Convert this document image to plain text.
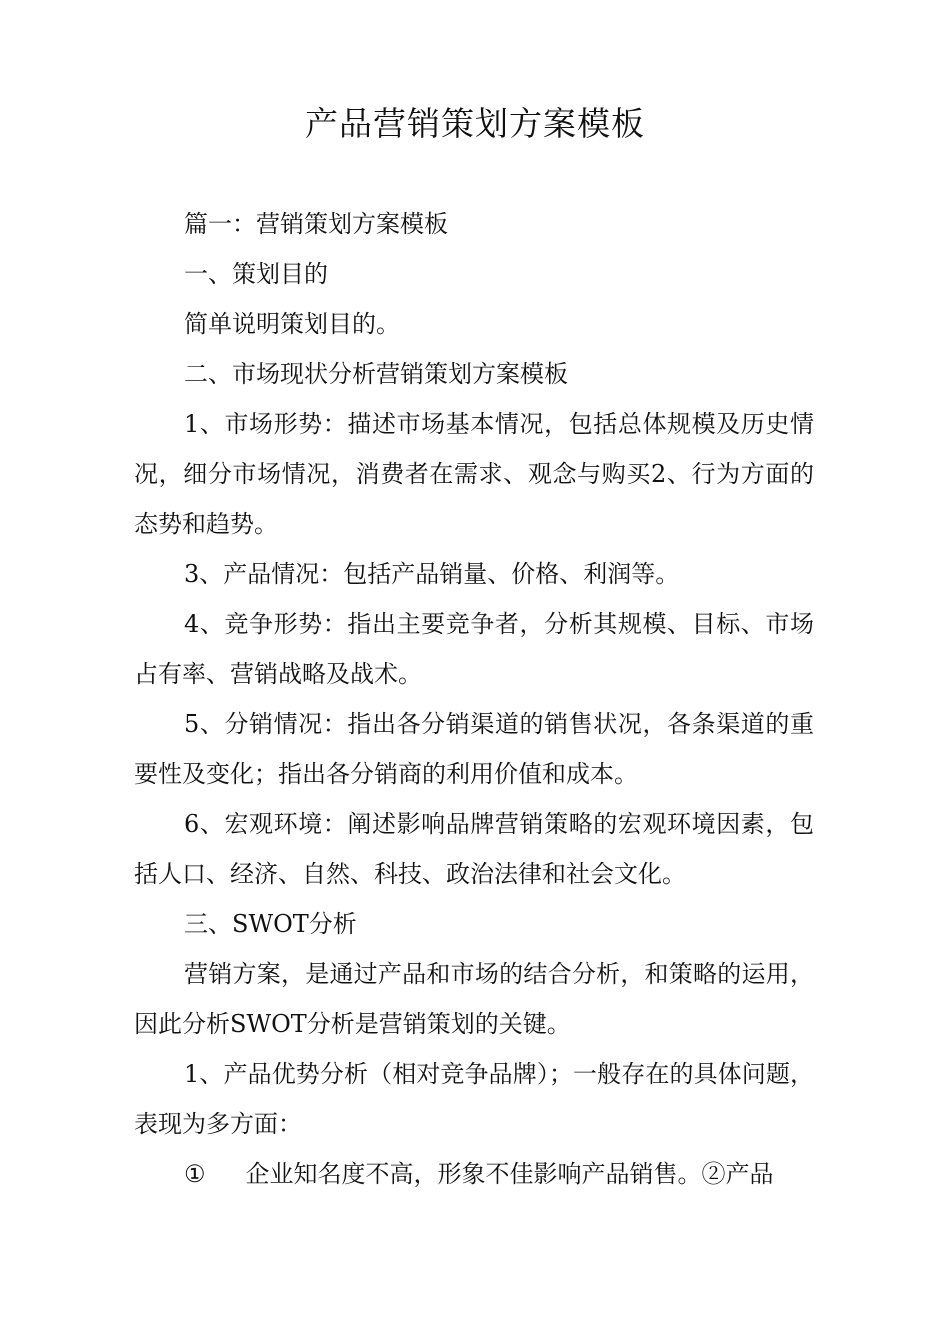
产品营销策划方案模板

篇一：营销策划方案模板

一、策划目的

简单说明策划目的。

二、市场现状分析营销策划方案模板

1、市场形势：描述市场基本情况，包括总体规模及历史情况，细分市场情况，消费者在需求、观念与购买2、行为方面的态势和趋势。

3、产品情况：包括产品销量、价格、利润等。

4、竞争形势：指出主要竞争者，分析其规模、目标、市场占有率、营销战略及战术。

5、分销情况：指出各分销渠道的销售状况，各条渠道的重要性及变化；指出各分销商的利用价值和成本。

6、宏观环境：阐述影响品牌营销策略的宏观环境因素，包括人口、经济、自然、科技、政治法律和社会文化。

三、SWOT分析

营销方案，是通过产品和市场的结合分析，和策略的运用，因此分析SWOT分析是营销策划的关键。

1、产品优势分析（相对竞争品牌）；一般存在的具体问题，表现为多方面：

① 企业知名度不高，形象不佳影响产品销售。②产品
